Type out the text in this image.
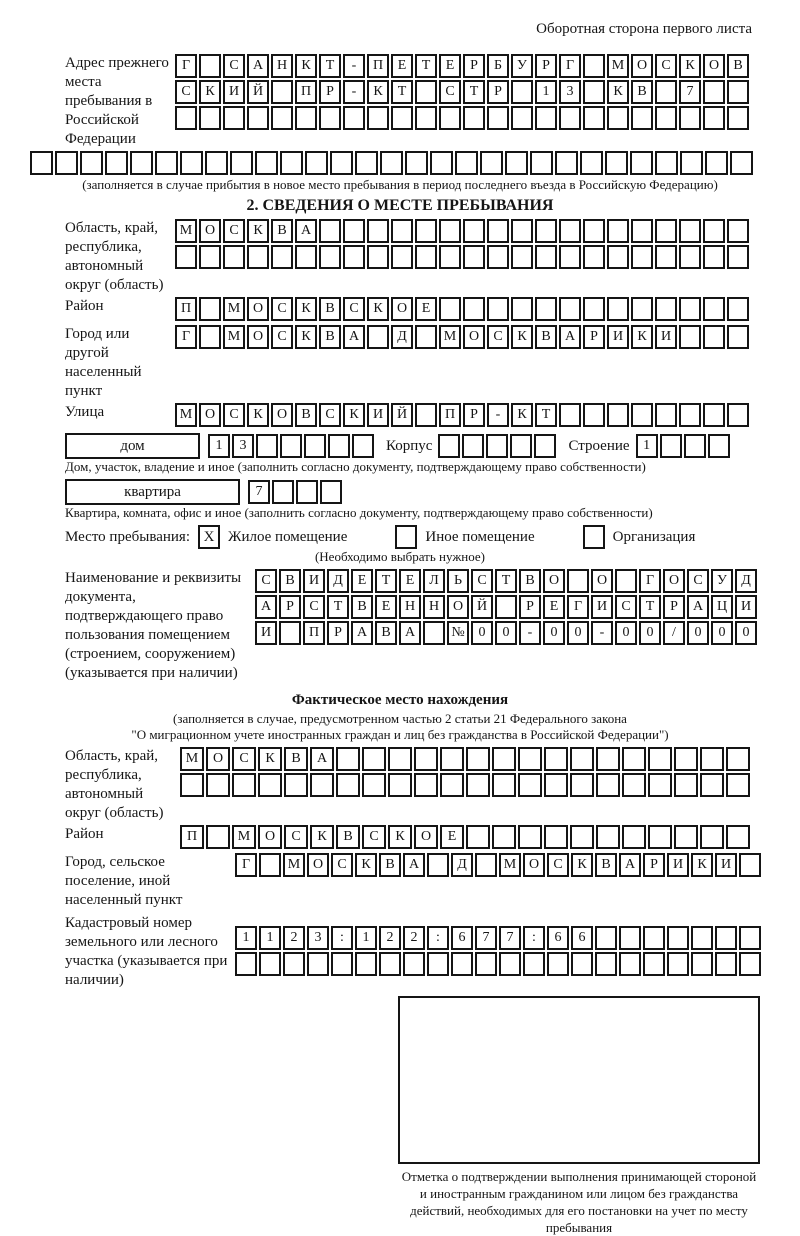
Оборотная сторона первого листа
Адрес прежнего места пребывания в Российской Федерации
Г	С	А Н	К	Т	-	П	Е	Т	Е	Р	Б	У	Р	Г	М О	С	К	О	В
С	К	И Й	П	Р	-	К	Т	С	Т	Р	1	3	К	В	7
(заполняется в случае прибытия в новое место пребывания в период последнего въезда в Российскую Федерацию)
2. СВЕДЕНИЯ О МЕСТЕ ПРЕБЫВАНИЯ
Область, край, республика, автономный округ (область)
М О	С	К	В	А
Район	П	М О	С	К	В	С	К	О	Е
Город или другой населенный пункт
Г	М О	С	К	В	А	Д	М О	С	К	В	А	Р	И	К	И
Улица	М О	С	К	О	В	С	К	И Й	П	Р	-	К	Т
дом	1	3	Корпус	Строение 1
Дом, участок, владение и иное (заполнить согласно документу, подтверждающему право собственности)
квартира	7
Квартира, комната, офис и иное (заполнить согласно документу, подтверждающему право собственности)
Место пребывания: X Жилое помещение	Иное помещение	Организация
(Необходимо выбрать нужное)
Наименование и реквизиты документа, подтверждающего право пользования помещением (строением, сооружением) (указывается при наличии)
С	В	И	Д	Е	Т	Е	Л	Ь	С	Т	В	О	О	Г	О	С	У	Д
А	Р	С	Т	В	Е	Н Н О Й	Р	Е	Г	И	С	Т	Р	А Ц И
И	П	Р	А	В	А	№ 0	0	-	0	0	-	0	0	/	0	0	0
Фактическое место нахождения
(заполняется в случае, предусмотренном частью 2 статьи 21 Федерального закона
"О миграционном учете иностранных граждан и лиц без гражданства в Российской Федерации")
Область, край, республика, автономный округ (область)
М	О	С	К	В	А
Район	П	М	О	С	К	В	С	К	О	Е
Город, сельское поселение, иной населенный пункт
Г	М О	С	К	В	А	Д	М О	С	К	В	А	Р	И	К	И
Кадастровый номер земельного или лесного участка (указывается при наличии)
1	1	2	3	:	1	2	2	:	6	7	7	:	6	6
Отметка о подтверждении выполнения принимающей стороной и иностранным гражданином или лицом без гражданства действий, необходимых для его постановки на учет по месту пребывания
